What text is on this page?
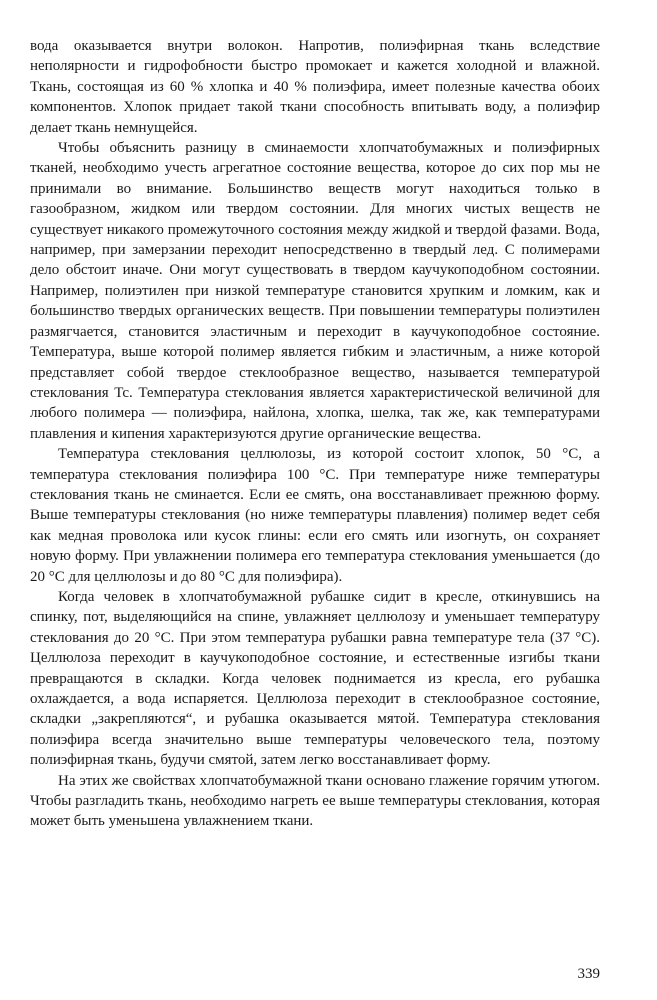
вода оказывается внутри волокон. Напротив, полиэфирная ткань вследствие неполярности и гидрофобности быстро промокает и кажется холодной и влажной. Ткань, состоящая из 60 % хлопка и 40 % полиэфира, имеет полезные качества обоих компонентов. Хлопок придает такой ткани способность впитывать воду, а полиэфир делает ткань немнущейся.

Чтобы объяснить разницу в сминаемости хлопчатобумажных и полиэфирных тканей, необходимо учесть агрегатное состояние вещества, которое до сих пор мы не принимали во внимание. Большинство веществ могут находиться только в газообразном, жидком или твердом состоянии. Для многих чистых веществ не существует никакого промежуточного состояния между жидкой и твердой фазами. Вода, например, при замерзании переходит непосредственно в твердый лед. С полимерами дело обстоит иначе. Они могут существовать в твердом каучукоподобном состоянии. Например, полиэтилен при низкой температуре становится хрупким и ломким, как и большинство твердых органических веществ. При повышении температуры полиэтилен размягчается, становится эластичным и переходит в каучукоподобное состояние. Температура, выше которой полимер является гибким и эластичным, а ниже которой представляет собой твердое стеклообразное вещество, называется температурой стеклования Tc. Температура стеклования является характеристической величиной для любого полимера — полиэфира, найлона, хлопка, шелка, так же, как температурами плавления и кипения характеризуются другие органические вещества.

Температура стеклования целлюлозы, из которой состоит хлопок, 50 °C, а температура стеклования полиэфира 100 °C. При температуре ниже температуры стеклования ткань не сминается. Если ее смять, она восстанавливает прежнюю форму. Выше температуры стеклования (но ниже температуры плавления) полимер ведет себя как медная проволока или кусок глины: если его смять или изогнуть, он сохраняет новую форму. При увлажнении полимера его температура стеклования уменьшается (до 20 °C для целлюлозы и до 80 °C для полиэфира).

Когда человек в хлопчатобумажной рубашке сидит в кресле, откинувшись на спинку, пот, выделяющийся на спине, увлажняет целлюлозу и уменьшает температуру стеклования до 20 °C. При этом температура рубашки равна температуре тела (37 °C). Целлюлоза переходит в каучукоподобное состояние, и естественные изгибы ткани превращаются в складки. Когда человек поднимается из кресла, его рубашка охлаждается, а вода испаряется. Целлюлоза переходит в стеклообразное состояние, складки „закрепляются“, и рубашка оказывается мятой. Температура стеклования полиэфира всегда значительно выше температуры человеческого тела, поэтому полиэфирная ткань, будучи смятой, затем легко восстанавливает форму.

На этих же свойствах хлопчатобумажной ткани основано глажение горячим утюгом. Чтобы разгладить ткань, необходимо нагреть ее выше температуры стеклования, которая может быть уменьшена увлажнением ткани.

339
